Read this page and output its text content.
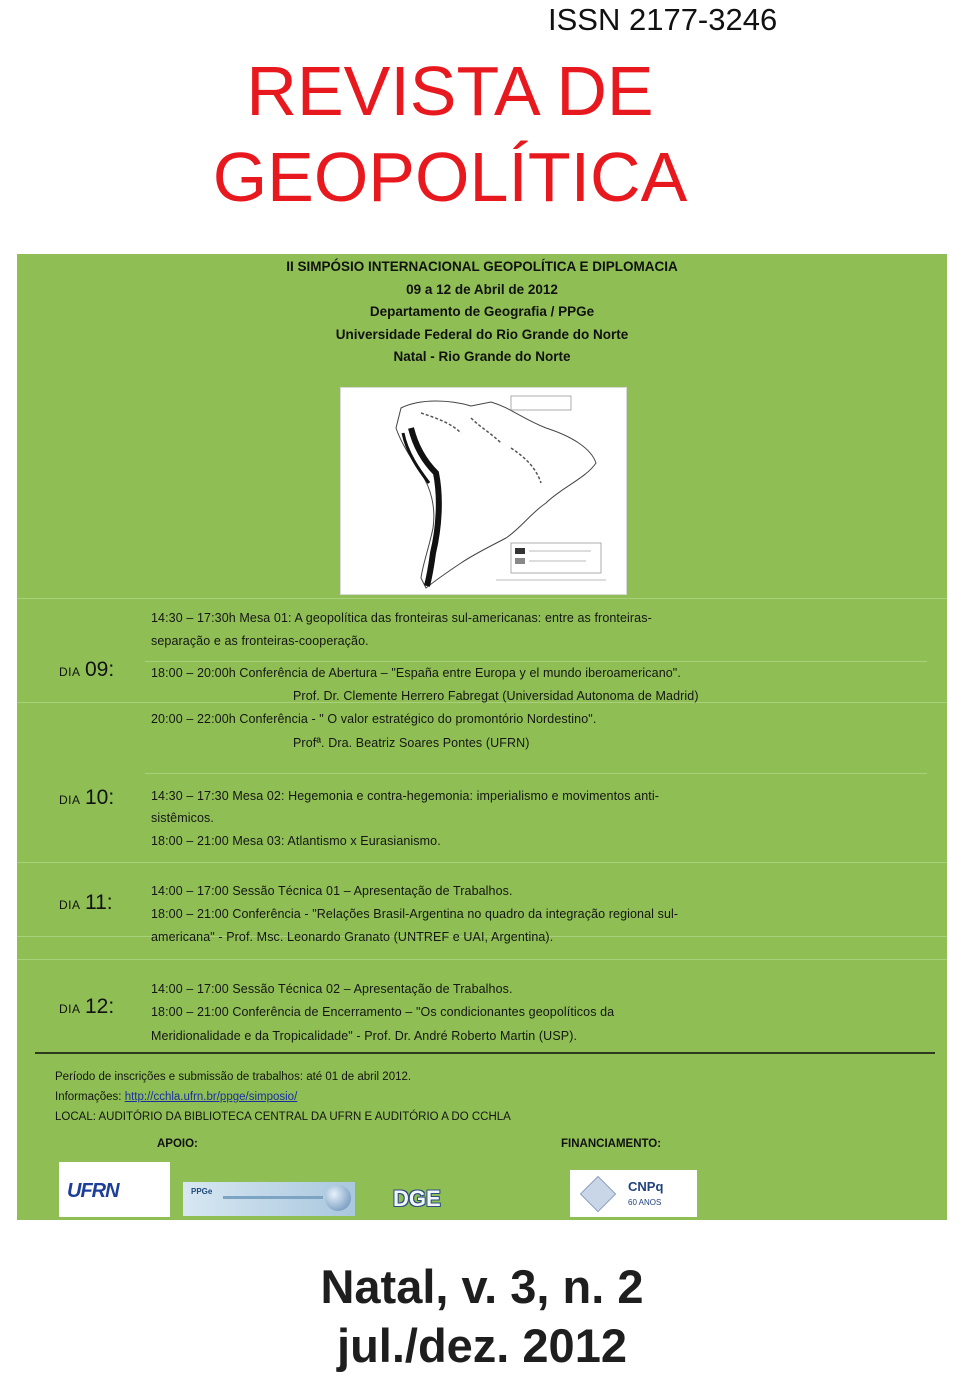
ISSN 2177-3246
REVISTA DE
GEOPOLÍTICA
II SIMPÓSIO INTERNACIONAL GEOPOLÍTICA E DIPLOMACIA
09 a 12 de Abril de 2012
Departamento de Geografia / PPGe
Universidade Federal do Rio Grande do Norte
Natal - Rio Grande do Norte
DIA 09:
14:30 – 17:30h Mesa 01: A geopolítica das fronteiras sul-americanas: entre as fronteiras-
separação e as fronteiras-cooperação.
18:00 – 20:00h Conferência de Abertura – "España entre Europa y el mundo iberoamericano".
Prof. Dr. Clemente Herrero Fabregat (Universidad Autonoma de Madrid)
20:00 – 22:00h Conferência - " O valor estratégico do promontório Nordestino".
Profª. Dra. Beatriz Soares Pontes (UFRN)
DIA 10:	14:30 – 17:30 Mesa 02: Hegemonia e contra-hegemonia: imperialismo e movimentos anti-
sistêmicos.
18:00 – 21:00 Mesa 03: Atlantismo x Eurasianismo.
DIA 11:	14:00 – 17:00 Sessão Técnica 01 – Apresentação de Trabalhos.
18:00 – 21:00 Conferência - "Relações Brasil-Argentina no quadro da integração regional sul-
americana" - Prof. Msc. Leonardo Granato (UNTREF e UAI, Argentina).
DIA 12:
14:00 – 17:00 Sessão Técnica 02 – Apresentação de Trabalhos.
18:00 – 21:00 Conferência de Encerramento – "Os condicionantes geopolíticos da
Meridionalidade e da Tropicalidade" - Prof. Dr. André Roberto Martin (USP).
Período de inscrições e submissão de trabalhos: até 01 de abril 2012.
Informações: http://cchla.ufrn.br/ppge/simposio/
LOCAL: AUDITÓRIO DA BIBLIOTECA CENTRAL DA UFRN E AUDITÓRIO A DO CCHLA
APOIO:	FINANCIAMENTO:
UFRN	PPGe	DGE	CNPq
60 ANOS
Natal, v. 3, n. 2
jul./dez. 2012
